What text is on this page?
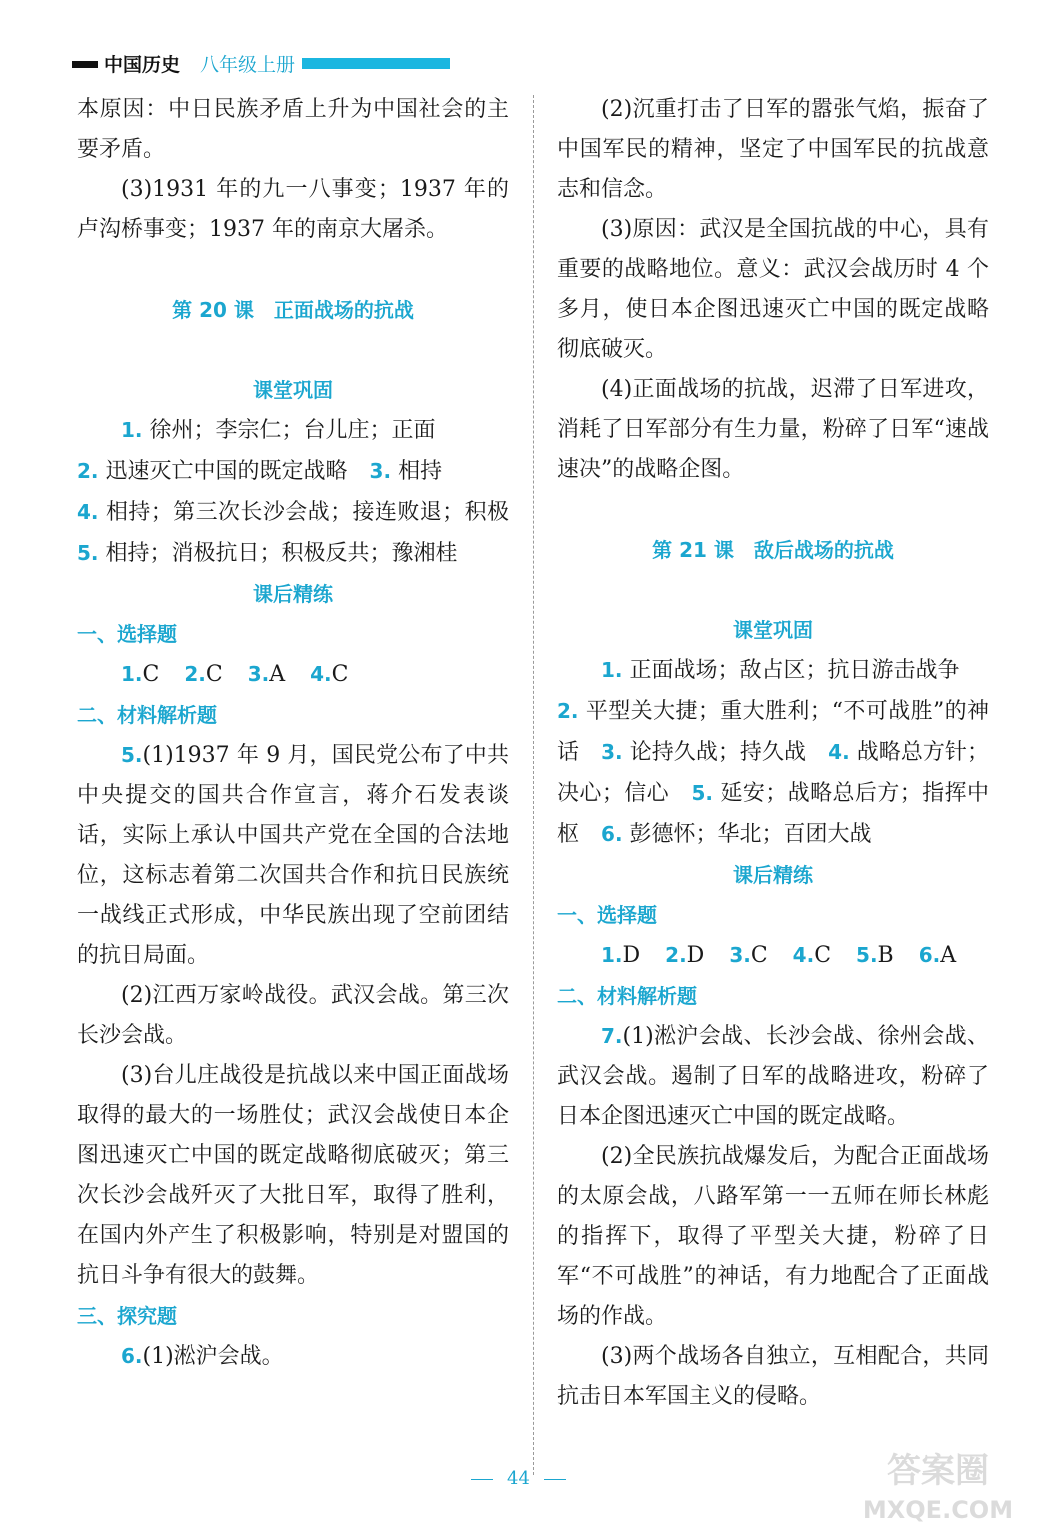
中国历史 八年级上册

本原因：中日民族矛盾上升为中国社会的主要矛盾。

(3)1931 年的九一八事变；1937 年的卢沟桥事变；1937 年的南京大屠杀。

第 20 课　正面战场的抗战
课堂巩固

1. 徐州；李宗仁；台儿庄；正面

2. 迅速灭亡中国的既定战略　 3. 相持

4. 相持；第三次长沙会战；接连败退；积极　5. 相持；消极抗日；积极反共；豫湘桂

课后精练
一、选择题

1.C 2.C 3.A 4.C

二、材料解析题

5.(1)1937 年 9 月，国民党公布了中共中央提交的国共合作宣言，蒋介石发表谈话，实际上承认中国共产党在全国的合法地位，这标志着第二次国共合作和抗日民族统一战线正式形成，中华民族出现了空前团结的抗日局面。

(2)江西万家岭战役。武汉会战。第三次长沙会战。

(3)台儿庄战役是抗战以来中国正面战场取得的最大的一场胜仗；武汉会战使日本企图迅速灭亡中国的既定战略彻底破灭；第三次长沙会战歼灭了大批日军，取得了胜利，在国内外产生了积极影响，特别是对盟国的抗日斗争有很大的鼓舞。

三、探究题

6.(1)淞沪会战。

(2)沉重打击了日军的嚣张气焰，振奋了中国军民的精神，坚定了中国军民的抗战意志和信念。

(3)原因：武汉是全国抗战的中心，具有重要的战略地位。意义：武汉会战历时 4 个多月，使日本企图迅速灭亡中国的既定战略彻底破灭。

(4)正面战场的抗战，迟滞了日军进攻，消耗了日军部分有生力量，粉碎了日军“速战速决”的战略企图。

第 21 课　敌后战场的抗战
课堂巩固

1. 正面战场；敌占区；抗日游击战争

2. 平型关大捷；重大胜利；“不可战胜”的神话　 3. 论持久战；持久战　 4. 战略总方针；决心；信心　 5. 延安；战略总后方；指挥中枢　 6. 彭德怀；华北；百团大战

课后精练
一、选择题

1.D 2.D 3.C 4.C 5.B 6.A

二、材料解析题

7.(1)淞沪会战、长沙会战、徐州会战、武汉会战。遏制了日军的战略进攻，粉碎了日本企图迅速灭亡中国的既定战略。

(2)全民族抗战爆发后，为配合正面战场的太原会战，八路军第一一五师在师长林彪的指挥下，取得了平型关大捷，粉碎了日军“不可战胜”的神话，有力地配合了正面战场的作战。

(3)两个战场各自独立，互相配合，共同抗击日本军国主义的侵略。

44	答案圈
MXQE.COM
